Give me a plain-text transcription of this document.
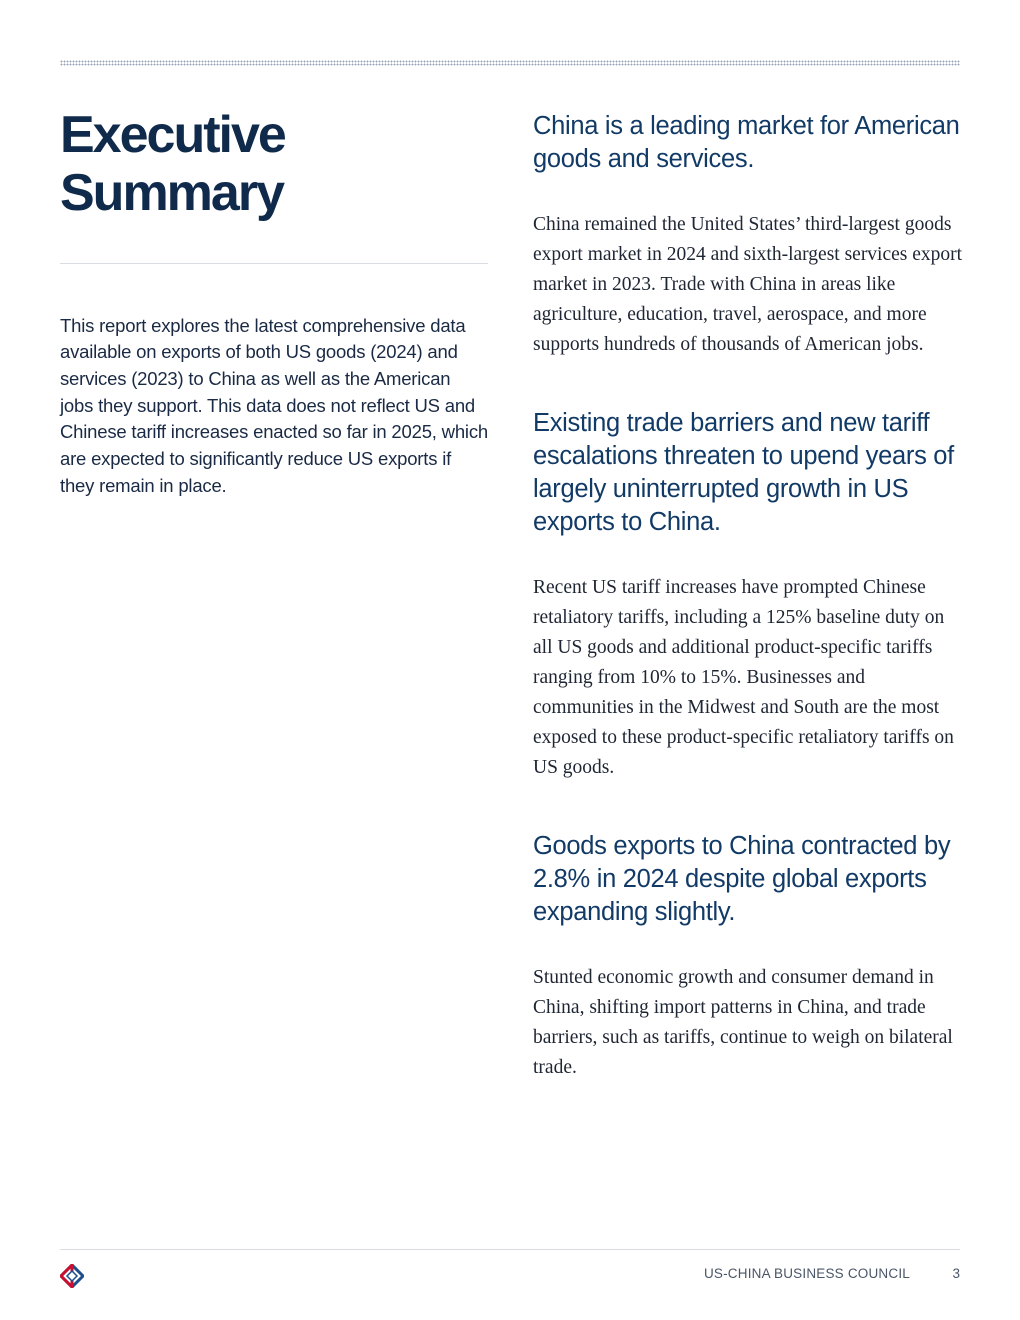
Executive
Summary

This report explores the latest comprehensive data available on exports of both US goods (2024) and services (2023) to China as well as the American jobs they support. This data does not reflect US and Chinese tariff increases enacted so far in 2025, which are expected to significantly reduce US exports if they remain in place.

China is a leading market for American goods and services.

China remained the United States’ third-largest goods export market in 2024 and sixth-largest services export market in 2023. Trade with China in areas like agriculture, education, travel, aerospace, and more supports hundreds of thousands of American jobs.

Existing trade barriers and new tariff escalations threaten to upend years of largely uninterrupted growth in US exports to China.

Recent US tariff increases have prompted Chinese retaliatory tariffs, including a 125% baseline duty on all US goods and additional product-specific tariffs ranging from 10% to 15%. Businesses and communities in the Midwest and South are the most exposed to these product-specific retaliatory tariffs on US goods.

Goods exports to China contracted by 2.8% in 2024 despite global exports expanding slightly.

Stunted economic growth and consumer demand in China, shifting import patterns in China, and trade barriers, such as tariffs, continue to weigh on bilateral trade.

US-CHINA BUSINESS COUNCIL	3
